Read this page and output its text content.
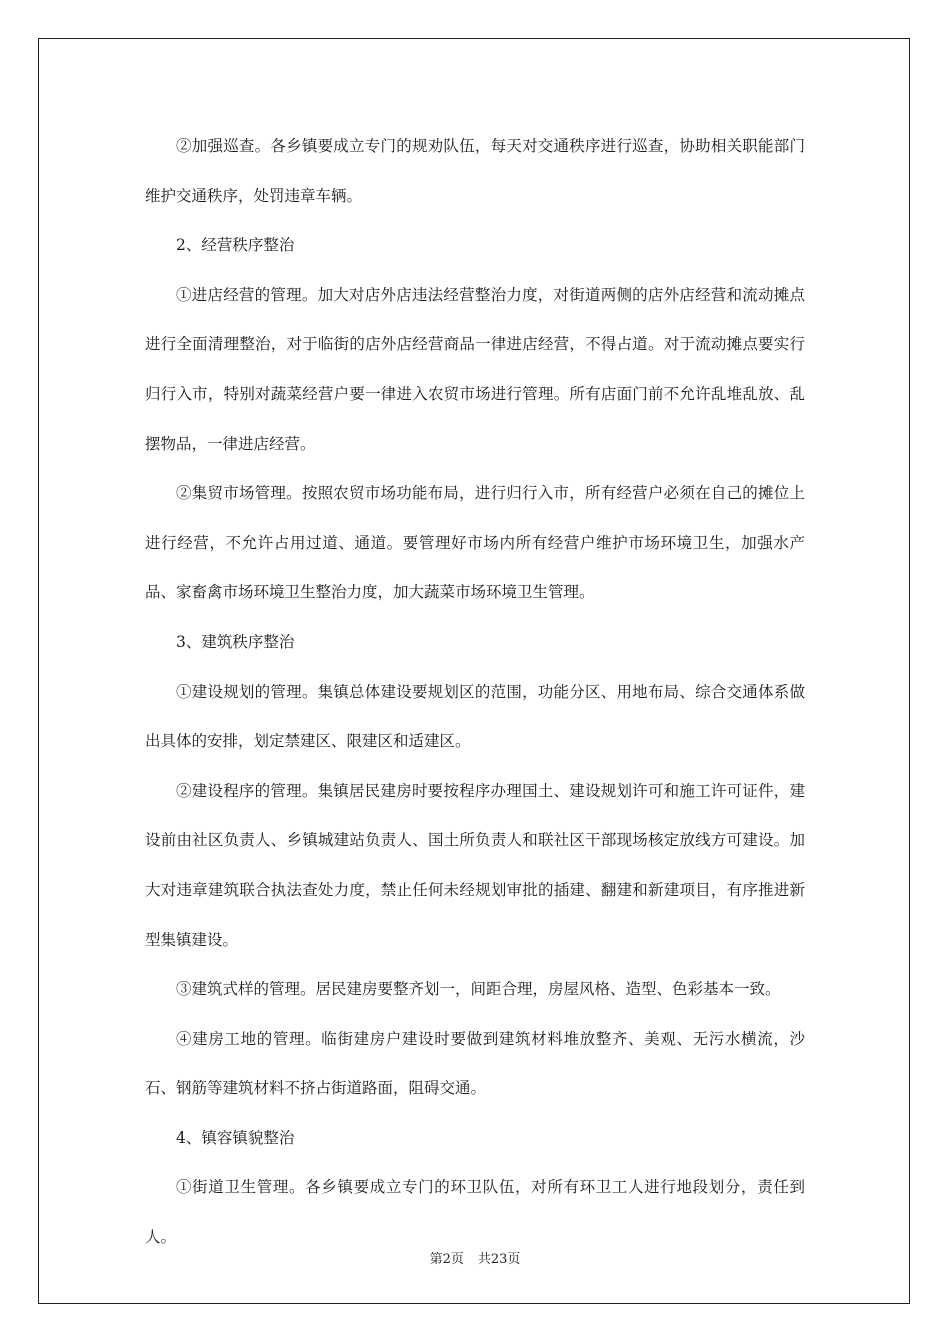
②加强巡查。各乡镇要成立专门的规劝队伍，每天对交通秩序进行巡查，协助相关职能部门维护交通秩序，处罚违章车辆。

2、经营秩序整治

①进店经营的管理。加大对店外店违法经营整治力度，对街道两侧的店外店经营和流动摊点进行全面清理整治，对于临街的店外店经营商品一律进店经营，不得占道。对于流动摊点要实行归行入市，特别对蔬菜经营户要一律进入农贸市场进行管理。所有店面门前不允许乱堆乱放、乱摆物品，一律进店经营。

②集贸市场管理。按照农贸市场功能布局，进行归行入市，所有经营户必须在自己的摊位上进行经营，不允许占用过道、通道。要管理好市场内所有经营户维护市场环境卫生，加强水产品、家畜禽市场环境卫生整治力度，加大蔬菜市场环境卫生管理。

3、建筑秩序整治

①建设规划的管理。集镇总体建设要规划区的范围，功能分区、用地布局、综合交通体系做出具体的安排，划定禁建区、限建区和适建区。

②建设程序的管理。集镇居民建房时要按程序办理国土、建设规划许可和施工许可证件，建设前由社区负责人、乡镇城建站负责人、国土所负责人和联社区干部现场核定放线方可建设。加大对违章建筑联合执法查处力度，禁止任何未经规划审批的插建、翻建和新建项目，有序推进新型集镇建设。

③建筑式样的管理。居民建房要整齐划一，间距合理，房屋风格、造型、色彩基本一致。

④建房工地的管理。临街建房户建设时要做到建筑材料堆放整齐、美观、无污水横流，沙石、钢筋等建筑材料不挤占街道路面，阻碍交通。

4、镇容镇貌整治

①街道卫生管理。各乡镇要成立专门的环卫队伍，对所有环卫工人进行地段划分，责任到人。

第2页 共23页
